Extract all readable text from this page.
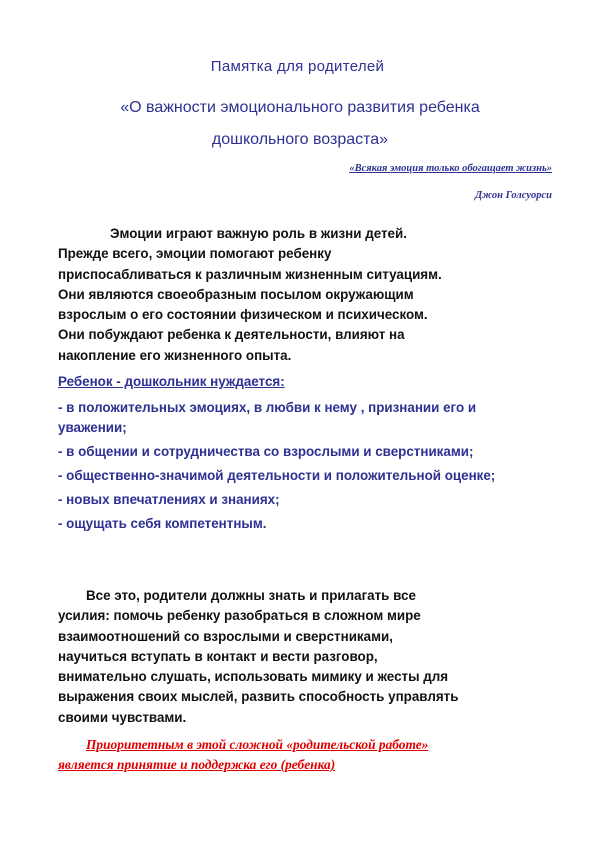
Памятка для родителей
«О важности эмоционального развития ребенка
дошкольного возраста»
«Всякая эмоция только обогащает жизнь»
Джон Голсуорси
Эмоции играют важную роль в жизни детей.
Прежде всего, эмоции помогают ребенку
приспосабливаться к различным жизненным ситуациям.
Они являются своеобразным посылом окружающим
взрослым о его состоянии физическом и психическом.
Они побуждают ребенка к деятельности, влияют на
накопление его жизненного опыта.
Ребенок - дошкольник нуждается:
- в положительных эмоциях, в любви к нему , признании его и уважении;
- в общении и сотрудничества со взрослыми и сверстниками;
- общественно-значимой деятельности и положительной оценке;
- новых впечатлениях и знаниях;
- ощущать себя компетентным.
Все это, родители должны знать и прилагать все
усилия: помочь ребенку разобраться в сложном мире
взаимоотношений со взрослыми и сверстниками,
научиться вступать в контакт и вести разговор,
внимательно слушать, использовать мимику и жесты для
выражения своих мыслей, развить способность управлять
своими чувствами.
Приоритетным в этой сложной «родительской работе»
является принятие и поддержка его (ребенка)
